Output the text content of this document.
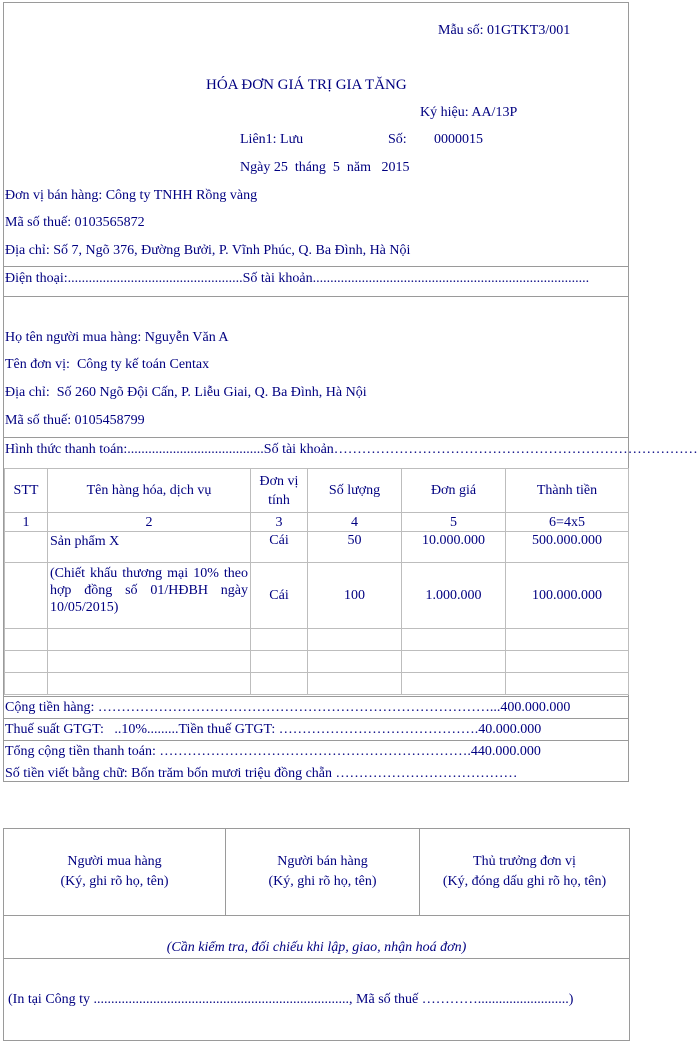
Mẫu số: 01GTKT3/001
HÓA ĐƠN GIÁ TRỊ GIA TĂNG
Ký hiệu: AA/13P
Liên1: Lưu	Số: 0000015
Ngày 25  tháng  5  năm   2015
Đơn vị bán hàng: Công ty TNHH Rồng vàng
Mã số thuế: 0103565872
Địa chỉ: Số 7, Ngõ 376, Đường Bưởi, P. Vĩnh Phúc, Q. Ba Đình, Hà Nội
Điện thoại:..................................................Số tài khoản...............................................................................
Họ tên người mua hàng: Nguyễn Văn A
Tên đơn vị:  Công ty kế toán Centax
Địa chỉ:  Số 260 Ngõ Đội Cấn, P. Liễu Giai, Q. Ba Đình, Hà Nội
Mã số thuế: 0105458799
Hình thức thanh toán:.......................................Số tài khoản……………………………………………………………………
STT	Tên hàng hóa, dịch vụ	Đơn vị tính	Số lượng	Đơn giá	Thành tiền
1	2	3	4	5	6=4x5
	Sản phẩm X	Cái	50	10.000.000	500.000.000
	(Chiết khấu thương mại 10% theo hợp đồng số 01/HĐBH ngày 10/05/2015)	Cái	100	1.000.000	100.000.000

Cộng tiền hàng: …………………………………………………………………………...400.000.000
Thuế suất GTGT:   ..10%.........Tiền thuế GTGT: …………………………………….40.000.000
Tổng cộng tiền thanh toán: ………………………………………………………….440.000.000
Số tiền viết bằng chữ: Bốn trăm bốn mươi triệu đồng chẵn …………………………………
Người mua hàng
(Ký, ghi rõ họ, tên)

Người bán hàng
(Ký, ghi rõ họ, tên)

Thủ trưởng đơn vị
(Ký, đóng dấu ghi rõ họ, tên)

(Cần kiểm tra, đối chiếu khi lập, giao, nhận hoá đơn)
(In tại Công ty ........................................................................., Mã số thuế …………..........................)
